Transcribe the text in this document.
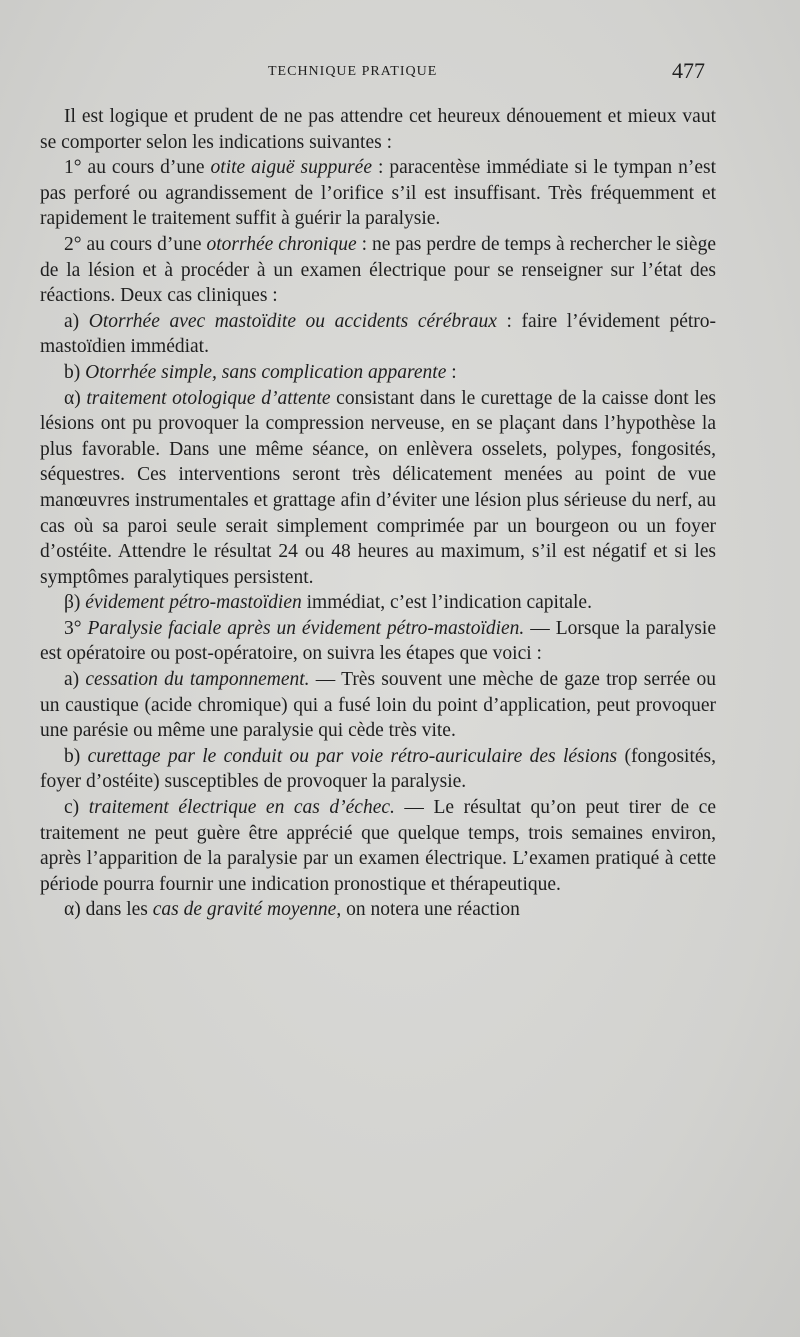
TECHNIQUE PRATIQUE	477

Il est logique et prudent de ne pas attendre cet heureux dénouement et mieux vaut se comporter selon les indications suivantes :

1° au cours d’une otite aiguë suppurée : paracentèse immédiate si le tympan n’est pas perforé ou agrandissement de l’orifice s’il est insuffisant. Très fréquemment et rapidement le traitement suffit à guérir la paralysie.

2° au cours d’une otorrhée chronique : ne pas perdre de temps à rechercher le siège de la lésion et à procéder à un examen électrique pour se renseigner sur l’état des réactions. Deux cas cliniques :

a) Otorrhée avec mastoïdite ou accidents cérébraux : faire l’évidement pétro-mastoïdien immédiat.

b) Otorrhée simple, sans complication apparente :

α) traitement otologique d’attente consistant dans le curettage de la caisse dont les lésions ont pu provoquer la compression nerveuse, en se plaçant dans l’hypothèse la plus favorable. Dans une même séance, on enlèvera osselets, polypes, fongosités, séquestres. Ces interventions seront très délicatement menées au point de vue manœuvres instrumentales et grattage afin d’éviter une lésion plus sérieuse du nerf, au cas où sa paroi seule serait simplement comprimée par un bourgeon ou un foyer d’ostéite. Attendre le résultat 24 ou 48 heures au maximum, s’il est négatif et si les symptômes paralytiques persistent.

β) évidement pétro-mastoïdien immédiat, c’est l’indication capitale.

3° Paralysie faciale après un évidement pétro-mastoïdien. — Lorsque la paralysie est opératoire ou post-opératoire, on suivra les étapes que voici :

a) cessation du tamponnement. — Très souvent une mèche de gaze trop serrée ou un caustique (acide chromique) qui a fusé loin du point d’application, peut provoquer une parésie ou même une paralysie qui cède très vite.

b) curettage par le conduit ou par voie rétro-auriculaire des lésions (fongosités, foyer d’ostéite) susceptibles de provoquer la paralysie.

c) traitement électrique en cas d’échec. — Le résultat qu’on peut tirer de ce traitement ne peut guère être apprécié que quelque temps, trois semaines environ, après l’apparition de la paralysie par un examen électrique. L’examen pratiqué à cette période pourra fournir une indication pronostique et thérapeutique.

α) dans les cas de gravité moyenne, on notera une réaction
